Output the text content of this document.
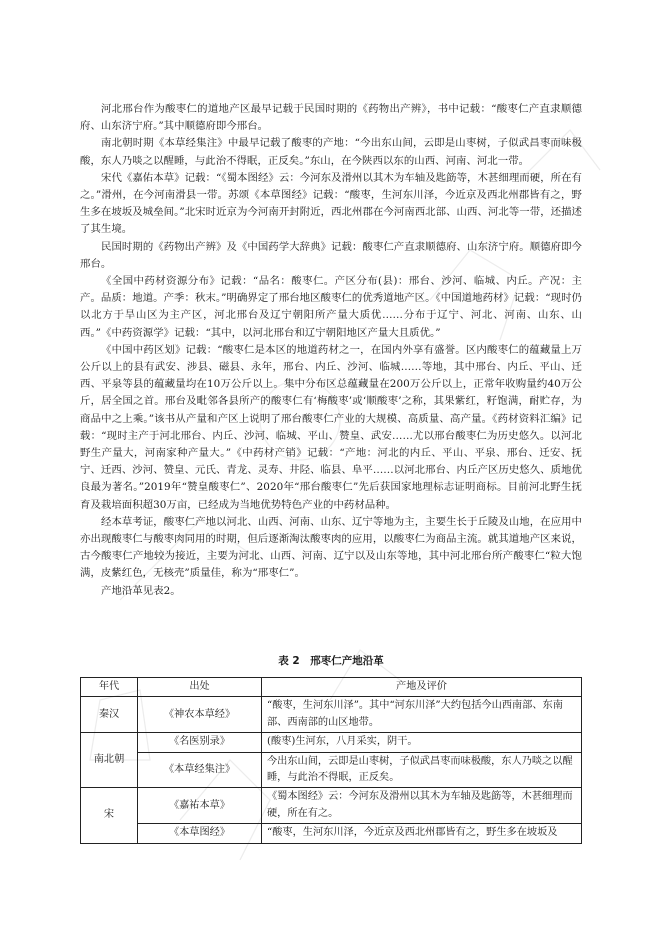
河北邢台作为酸枣仁的道地产区最早记载于民国时期的《药物出产辨》，书中记载：“酸枣仁产直隶顺德府、山东济宁府。”其中顺德府即今邢台。

南北朝时期《本草经集注》中最早记载了酸枣的产地：“今出东山间，云即是山枣树，子似武昌枣而味极酸，东人乃啖之以醒睡，与此治不得眠，正反矣。”东山，在今陕西以东的山西、河南、河北一带。

宋代《嘉佑本草》记载：“《蜀本图经》云：今河东及滑州以其木为车轴及匙筯等，木甚细理而硬，所在有之。”滑州，在今河南滑县一带。苏颂《本草图经》记载：“酸枣，生河东川泽，今近京及西北州郡皆有之，野生多在坡坂及城垒间。”北宋时近京为今河南开封附近，西北州郡在今河南西北部、山西、河北等一带，还描述了其生境。

民国时期的《药物出产辨》及《中国药学大辞典》记载：酸枣仁产直隶顺德府、山东济宁府。顺德府即今邢台。

《全国中药材资源分布》记载：“品名：酸枣仁。产区分布(县)：邢台、沙河、临城、内丘。产况：主产。品质：地道。产季：秋末。”明确界定了邢台地区酸枣仁的优秀道地产区。《中国道地药材》记载：“现时仍以北方于旱山区为主产区，河北邢台及辽宁朝阳所产量大质优……分布于辽宁、河北、河南、山东、山西。”《中药资源学》记载：“其中，以河北邢台和辽宁朝阳地区产量大且质优。”

《中国中药区划》记载：“酸枣仁是本区的地道药材之一，在国内外享有盛誉。区内酸枣仁的蕴藏量上万公斤以上的县有武安、涉县、磁县、永年，邢台、内丘、沙河、临城……等地，其中邢台、内丘、平山、迁西、平泉等县的蕴藏量均在10万公斤以上。集中分布区总蕴藏量在200万公斤以上，正常年收购量约40万公斤，居全国之首。邢台及毗邻各县所产的酸枣仁有‘梅酸枣’或‘顺酸枣’之称，其果紫红，籽饱满，耐贮存，为商品中之上乘。”该书从产量和产区上说明了邢台酸枣仁产业的大规模、高质量、高产量。《药材资料汇编》记载：“现时主产于河北邢台、内丘、沙河、临城、平山、赞皇、武安……尤以邢台酸枣仁为历史悠久。以河北野生产量大，河南家种产量大。”《中药材产销》记载：“产地：河北的内丘、平山、平泉、邢台、迁安、抚宁、迁西、沙河、赞皇、元氏、青龙、灵寿、井陉、临县、阜平……以河北邢台、内丘产区历史悠久、质地优良最为著名。”2019年“赞皇酸枣仁”、2020年“邢台酸枣仁”先后获国家地理标志证明商标。目前河北野生抚育及栽培面积超30万亩，已经成为当地优势特色产业的中药材品种。

经本草考证，酸枣仁产地以河北、山西、河南、山东、辽宁等地为主，主要生长于丘陵及山地，在应用中亦出现酸枣仁与酸枣肉同用的时期，但后逐渐淘汰酸枣肉的应用，以酸枣仁为商品主流。就其道地产区来说，古今酸枣仁产地较为接近，主要为河北、山西、河南、辽宁以及山东等地，其中河北邢台所产酸枣仁“粒大饱满，皮紫红色，无核壳”质量佳，称为“邢枣仁”。

产地沿革见表2。

表 2　邢枣仁产地沿革
年代	出处	产地及评价
秦汉	《神农本草经》	“酸枣，生河东川泽”。其中“河东川泽”大约包括今山西南部、东南部、西南部的山区地带。
南北朝	《名医别录》	(酸枣)生河东，八月采实，阴干。
	《本草经集注》	今出东山间，云即是山枣树，子似武昌枣而味极酸，东人乃啖之以醒睡，与此治不得眠，正反矣。
宋	《嘉祐本草》	《蜀本图经》云：今河东及滑州以其木为车轴及匙筯等，木甚细理而硬，所在有之。
	《本草图经》	“酸枣，生河东川泽，今近京及西北州郡皆有之，野生多在坡坂及
